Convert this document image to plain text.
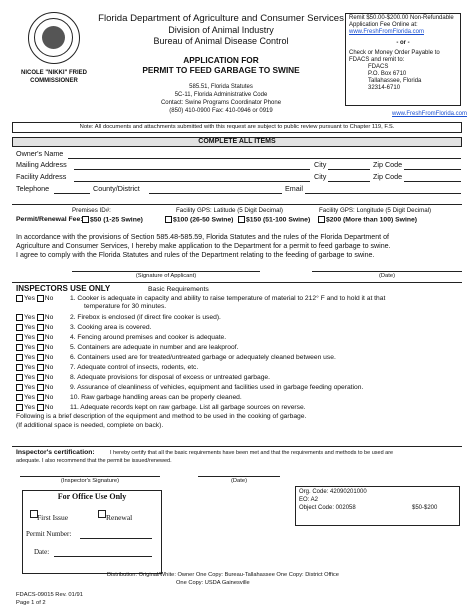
NICOLE "NIKKI" FRIED
COMMISSIONER
Florida Department of Agriculture and Consumer Services
Division of Animal Industry
Bureau of Animal Disease Control
APPLICATION FOR
PERMIT TO FEED GARBAGE TO SWINE
585.51, Florida Statutes
5C-11, Florida Administrative Code
Contact: Swine Programs Coordinator Phone
(850) 410-0900 Fax: 410-0946 or 0919
Remit $50.00-$200.00 Non-Refundable
Application Fee Online at:
www.FreshFromFlorida.com
- or -
Check or Money Order Payable to
FDACS and remit to:
FDACS
P.O. Box 6710
Tallahassee, Florida
32314-6710
www.FreshFromFlorida.com
Note: All documents and attachments submitted with this request are subject to public review pursuant to Chapter 119, F.S.
COMPLETE ALL ITEMS
Owner's Name
Mailing Address	City	Zip Code
Facility Address	City	Zip Code
Telephone	County/District	Email
Premises ID#:	Facility GPS: Latitude (5 Digit Decimal)	Facility GPS: Longitude (5 Digit Decimal)
Permit/Renewal Fee:	$50 (1-25 Swine)	$100 (26-50 Swine)	$150 (51-100 Swine)	$200 (More than 100) Swine)
In accordance with the provisions of Section 585.48-585.59, Florida Statutes and the rules of the Florida Department of
Agriculture and Consumer Services, I hereby make application to the Department for a permit to feed garbage to swine.
I agree to comply with the Florida Statutes and rules of the Department relating to the feeding of garbage to swine.
(Signature of Applicant)	(Date)
INSPECTORS USE ONLY	Basic Requirements
Yes No	1. Cooker is adequate in capacity and ability to raise temperature of material to 212° F and to hold it at that
temperature for 30 minutes.
Yes No	2. Firebox is enclosed (if direct fire cooker is used).
Yes No	3. Cooking area is covered.
Yes No	4. Fencing around premises and cooker is adequate.
Yes No	5. Containers are adequate in number and are leakproof.
Yes No	6. Containers used are for treated/untreated garbage or adequately cleaned between use.
Yes No	7. Adequate control of insects, rodents, etc.
Yes No	8. Adequate provisions for disposal of excess or untreated garbage.
Yes No	9. Assurance of cleanliness of vehicles, equipment and facilities used in garbage feeding operation.
Yes No	10. Raw garbage handling areas can be properly cleaned.
Yes No	11. Adequate records kept on raw garbage. List all garbage sources on reverse.
Following is a brief description of the equipment and method to be used in the cooking of garbage.
(If additional space is needed, complete on back).
Inspector's certification:	I hereby certify that all the basic requirements have been met and that the requirements and methods to be used are
adequate. I also recommend that the permit be issued/renewed.
(Inspector's Signature)	(Date)
For Office Use Only
First Issue	Renewal
Permit Number:
Date:
Org. Code: 42090201000
EO: A2
Object Code: 002058	$50-$200
Distribution: Original/White: Owner One Copy: Bureau-Tallahassee One Copy: District Office
One Copy: USDA Gainesville
FDACS-09015 Rev. 01/91
Page 1 of 2
